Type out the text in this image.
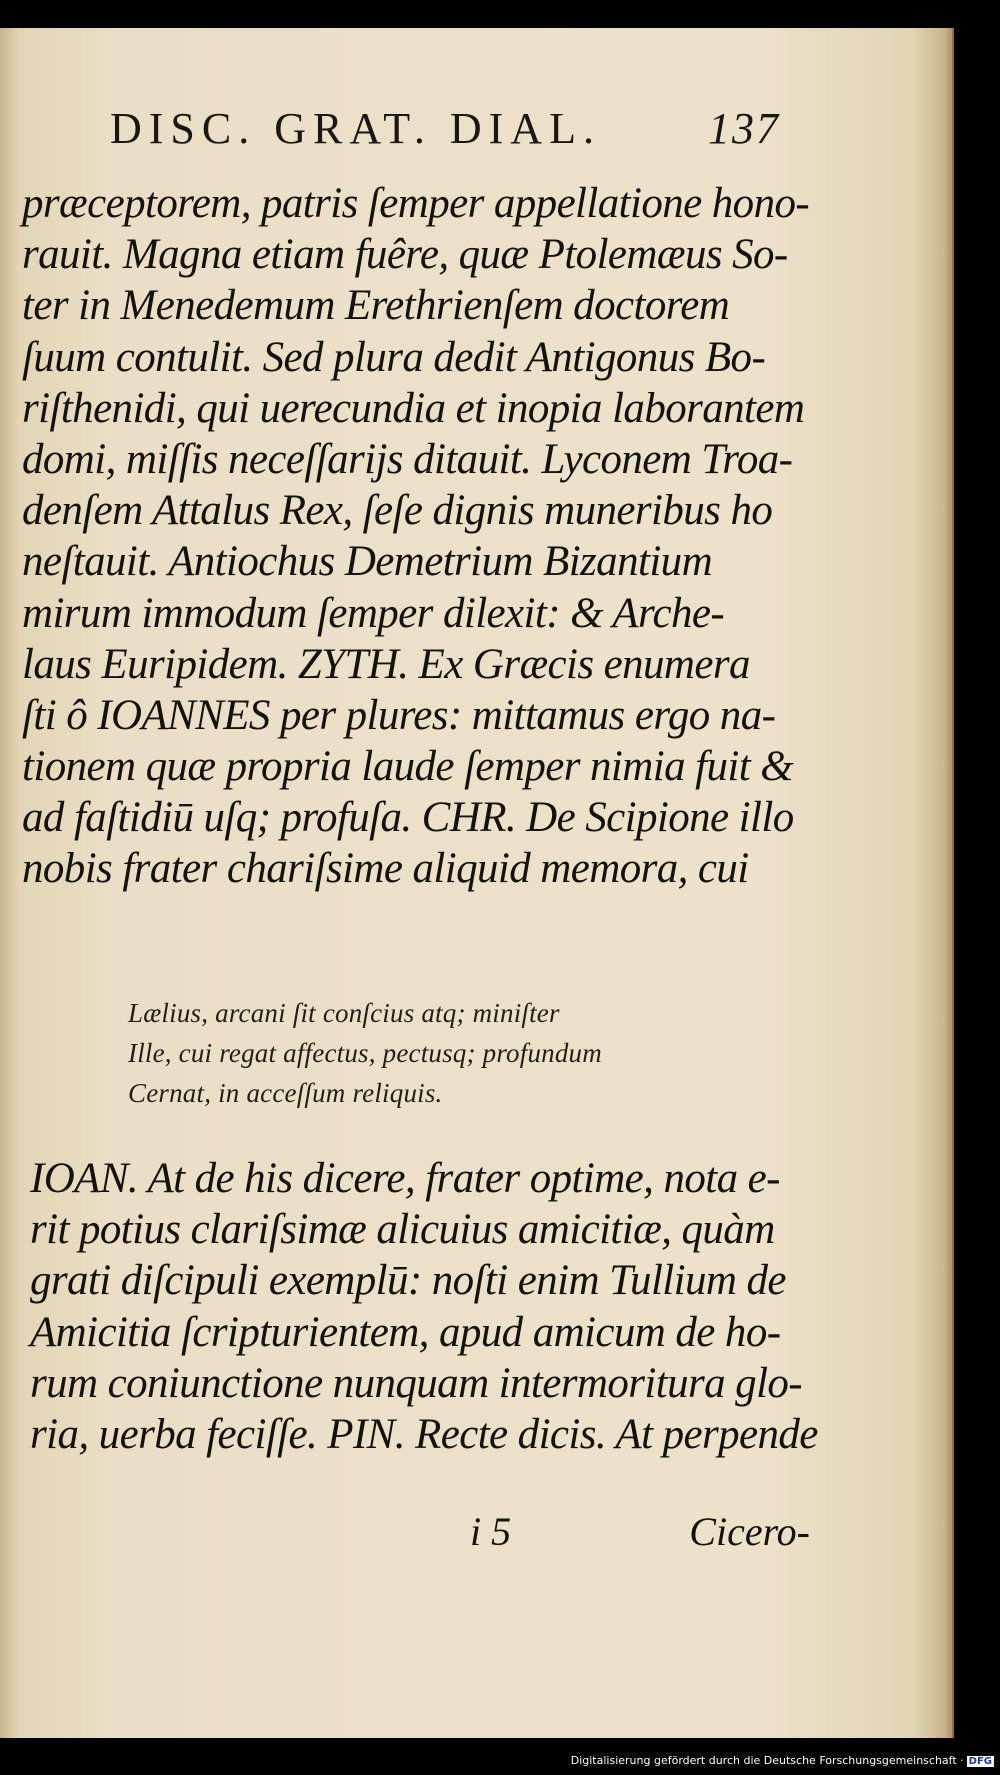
DISC. GRAT. DIAL. 137
præceptorem, patris ſemper appellatione hono-
rauit. Magna etiam fuêre, quæ Ptolemæus So-
ter in Menedemum Erethrienſem doctorem
ſuum contulit. Sed plura dedit Antigonus Bo-
riſthenidi, qui uerecundia et inopia laborantem
domi, miſſis neceſſarijs ditauit. Lyconem Troa-
denſem Attalus Rex, ſeſe dignis muneribus ho
neſtauit. Antiochus Demetrium Bizantium
mirum immodum ſemper dilexit: & Arche-
laus Euripidem. ZYTH. Ex Græcis enumera
ſti ô IOANNES per plures: mittamus ergo na-
tionem quæ propria laude ſemper nimia fuit &
ad faſtidiū uſq; profuſa. CHR. De Scipione illo
nobis frater chariſsime aliquid memora, cui
Lælius, arcani ſit conſcius atq; miniſter
Ille, cui regat affectus, pectusq; profundum
Cernat, in acceſſum reliquis.
IOAN. At de his dicere, frater optime, nota e-
rit potius clariſsimæ alicuius amicitiæ, quàm
grati diſcipuli exemplū: noſti enim Tullium de
Amicitia ſcripturientem, apud amicum de ho-
rum coniunctione nunquam intermoritura glo-
ria, uerba feciſſe. PIN. Recte dicis. At perpende
i 5	Cicero-
Digitalisierung gefördert durch die Deutsche Forschungsgemeinschaft · DFG
